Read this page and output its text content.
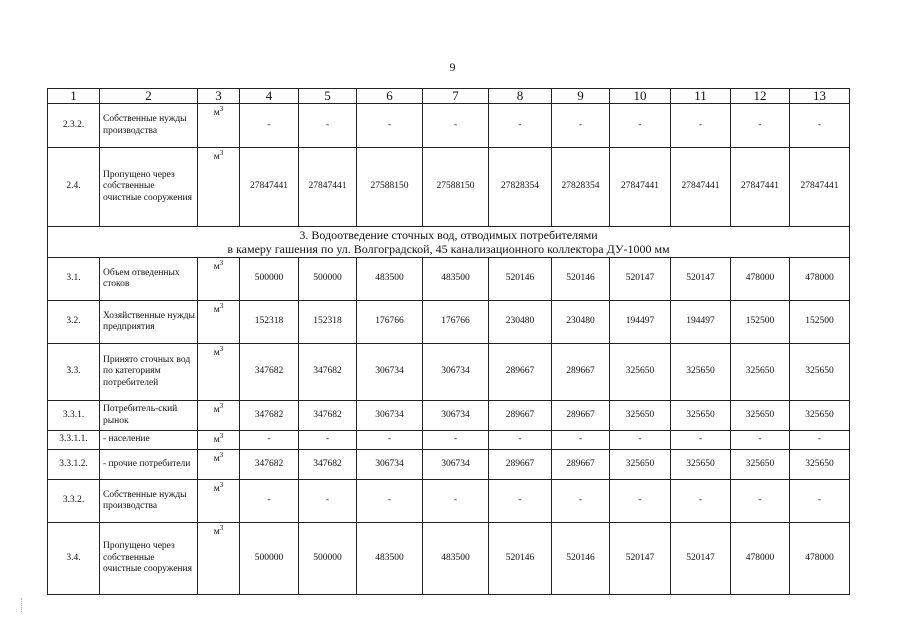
9
1	2	3	4	5	6	7	8	9	10	11	12	13
2.3.2.	Собственные нужды производства	$м^3$	-	-	-	-	-	-	-	-	-	-
2.4.	Пропущено через собственные очистные сооружения	$м^3$	27847441	27847441	27588150	27588150	27828354	27828354	27847441	27847441	27847441	27847441

3. Водоотведение сточных вод, отводимых потребителями
в камеру гашения по ул. Волгоградской, 45 канализационного коллектора ДУ-1000 мм												

3.1.	Объем отведенных стоков	$м^3$	500000	500000	483500	483500	520146	520146	520147	520147	478000	478000
3.2.	Хозяйственные нужды предприятия	$м^3$	152318	152318	176766	176766	230480	230480	194497	194497	152500	152500
3.3.	Принято сточных вод по категориям потребителей	$м^3$	347682	347682	306734	306734	289667	289667	325650	325650	325650	325650
3.3.1.	Потребитель-ский рынок	$м^3$	347682	347682	306734	306734	289667	289667	325650	325650	325650	325650
3.3.1.1.	- население	$м^3$	-	-	-	-	-	-	-	-	-	-
3.3.1.2.	- прочие потребители	$м^3$	347682	347682	306734	306734	289667	289667	325650	325650	325650	325650
3.3.2.	Собственные нужды производства	$м^3$	-	-	-	-	-	-	-	-	-	-
3.4.	Пропущено через собственные очистные сооружения	$м^3$	500000	500000	483500	483500	520146	520146	520147	520147	478000	478000
